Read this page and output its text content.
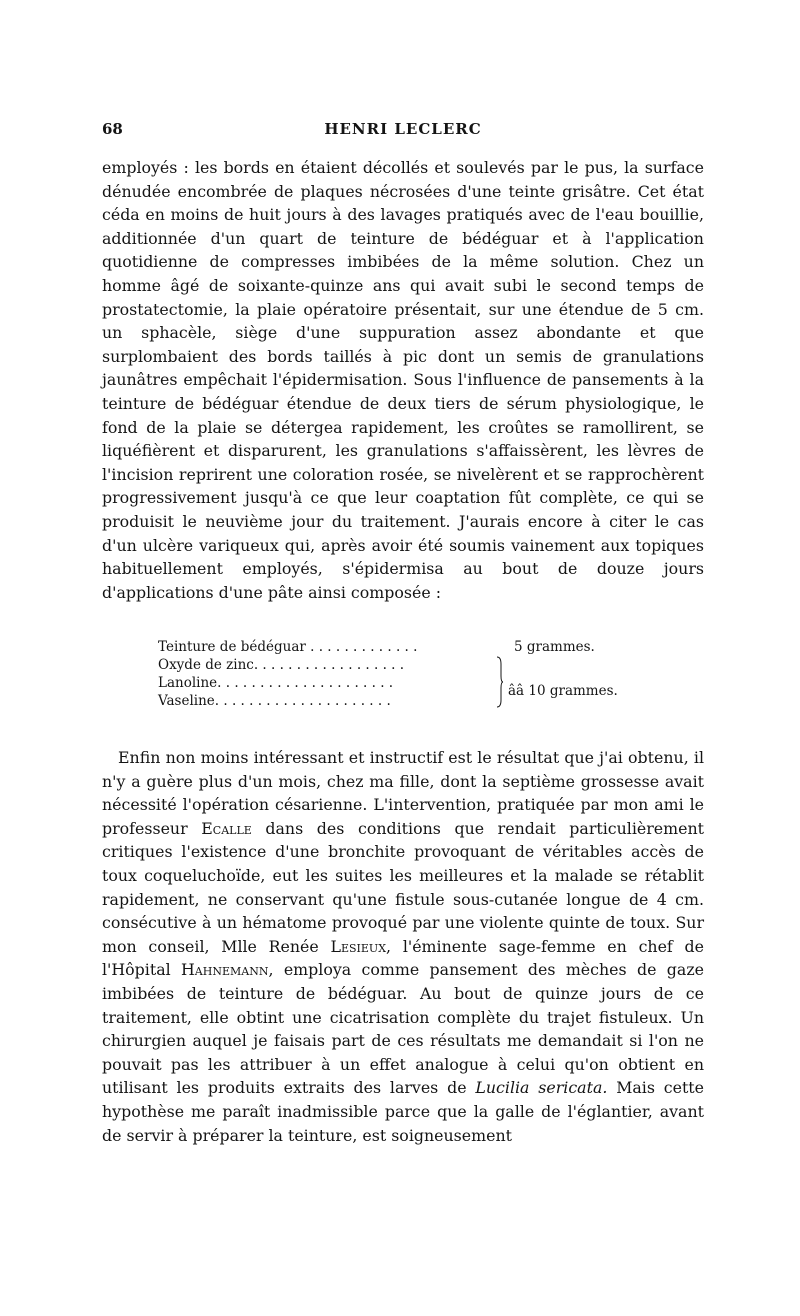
68	HENRI LECLERC

employés : les bords en étaient décollés et soulevés par le pus, la surface dénudée encombrée de plaques nécrosées d'une teinte grisâtre. Cet état céda en moins de huit jours à des lavages pratiqués avec de l'eau bouillie, additionnée d'un quart de teinture de bédéguar et à l'application quotidienne de compresses imbibées de la même solution. Chez un homme âgé de soixante-quinze ans qui avait subi le second temps de prostatectomie, la plaie opératoire présentait, sur une étendue de 5 cm. un sphacèle, siège d'une suppuration assez abondante et que surplombaient des bords taillés à pic dont un semis de granulations jaunâtres empêchait l'épidermisation. Sous l'influence de pansements à la teinture de bédéguar étendue de deux tiers de sérum physiologique, le fond de la plaie se détergea rapidement, les croûtes se ramollirent, se liquéfièrent et disparurent, les granulations s'affaissèrent, les lèvres de l'incision reprirent une coloration rosée, se nivelèrent et se rapprochèrent progressivement jusqu'à ce que leur coaptation fût complète, ce qui se produisit le neuvième jour du traitement. J'aurais encore à citer le cas d'un ulcère variqueux qui, après avoir été soumis vainement aux topiques habituellement employés, s'épidermisa au bout de douze jours d'applications d'une pâte ainsi composée :

Teinture de bédéguar . . . . . . . . . . . . .	5 grammes.
Oxyde de zinc. . . . . . . . . . . . . . . . . .
Lanoline. . . . . . . . . . . . . . . . . . . . .
Vaseline. . . . . . . . . . . . . . . . . . . . .
ââ 10 grammes.

Enfin non moins intéressant et instructif est le résultat que j'ai obtenu, il n'y a guère plus d'un mois, chez ma fille, dont la septième grossesse avait nécessité l'opération césarienne. L'intervention, pratiquée par mon ami le professeur Ecalle dans des conditions que rendait particulièrement critiques l'existence d'une bronchite provoquant de véritables accès de toux coqueluchoïde, eut les suites les meilleures et la malade se rétablit rapidement, ne conservant qu'une fistule sous-cutanée longue de 4 cm. consécutive à un hématome provoqué par une violente quinte de toux. Sur mon conseil, Mlle Renée Lesieux, l'éminente sage-femme en chef de l'Hôpital Hahnemann, employa comme pansement des mèches de gaze imbibées de teinture de bédéguar. Au bout de quinze jours de ce traitement, elle obtint une cicatrisation complète du trajet fistuleux. Un chirurgien auquel je faisais part de ces résultats me demandait si l'on ne pouvait pas les attribuer à un effet analogue à celui qu'on obtient en utilisant les produits extraits des larves de Lucilia sericata. Mais cette hypothèse me paraît inadmissible parce que la galle de l'églantier, avant de servir à préparer la teinture, est soigneusement
